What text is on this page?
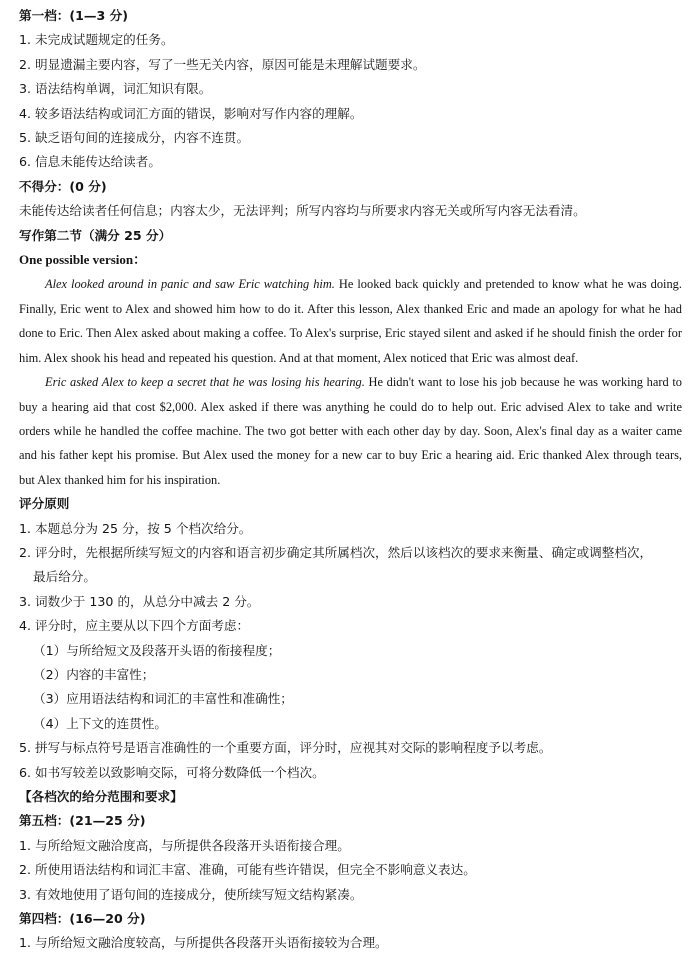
第一档：(1—3 分)
1. 未完成试题规定的任务。
2. 明显遗漏主要内容，写了一些无关内容，原因可能是未理解试题要求。
3. 语法结构单调，词汇知识有限。
4. 较多语法结构或词汇方面的错误，影响对写作内容的理解。
5. 缺乏语句间的连接成分，内容不连贯。
6. 信息未能传达给读者。
不得分：(0 分)
未能传达给读者任何信息；内容太少，无法评判；所写内容均与所要求内容无关或所写内容无法看清。
写作第二节（满分 25 分）
One possible version：

Alex looked around in panic and saw Eric watching him. He looked back quickly and pretended to know what he was doing. Finally, Eric went to Alex and showed him how to do it. After this lesson, Alex thanked Eric and made an apology for what he had done to Eric. Then Alex asked about making a coffee. To Alex's surprise, Eric stayed silent and asked if he should finish the order for him. Alex shook his head and repeated his question. And at that moment, Alex noticed that Eric was almost deaf.

Eric asked Alex to keep a secret that he was losing his hearing. He didn't want to lose his job because he was working hard to buy a hearing aid that cost $2,000. Alex asked if there was anything he could do to help out. Eric advised Alex to take and write orders while he handled the coffee machine. The two got better with each other day by day. Soon, Alex's final day as a waiter came and his father kept his promise. But Alex used the money for a new car to buy Eric a hearing aid. Eric thanked Alex through tears, but Alex thanked him for his inspiration.

评分原则
1. 本题总分为 25 分，按 5 个档次给分。
2. 评分时，先根据所续写短文的内容和语言初步确定其所属档次，然后以该档次的要求来衡量、确定或调整档次，
最后给分。
3. 词数少于 130 的，从总分中减去 2 分。
4. 评分时，应主要从以下四个方面考虑：
（1）与所给短文及段落开头语的衔接程度；
（2）内容的丰富性；
（3）应用语法结构和词汇的丰富性和准确性；
（4）上下文的连贯性。
5. 拼写与标点符号是语言准确性的一个重要方面，评分时，应视其对交际的影响程度予以考虑。
6. 如书写较差以致影响交际，可将分数降低一个档次。
【各档次的给分范围和要求】
第五档：(21—25 分)
1. 与所给短文融洽度高，与所提供各段落开头语衔接合理。
2. 所使用语法结构和词汇丰富、准确，可能有些许错误，但完全不影响意义表达。
3. 有效地使用了语句间的连接成分，使所续写短文结构紧凑。
第四档：(16—20 分)
1. 与所给短文融洽度较高，与所提供各段落开头语衔接较为合理。
